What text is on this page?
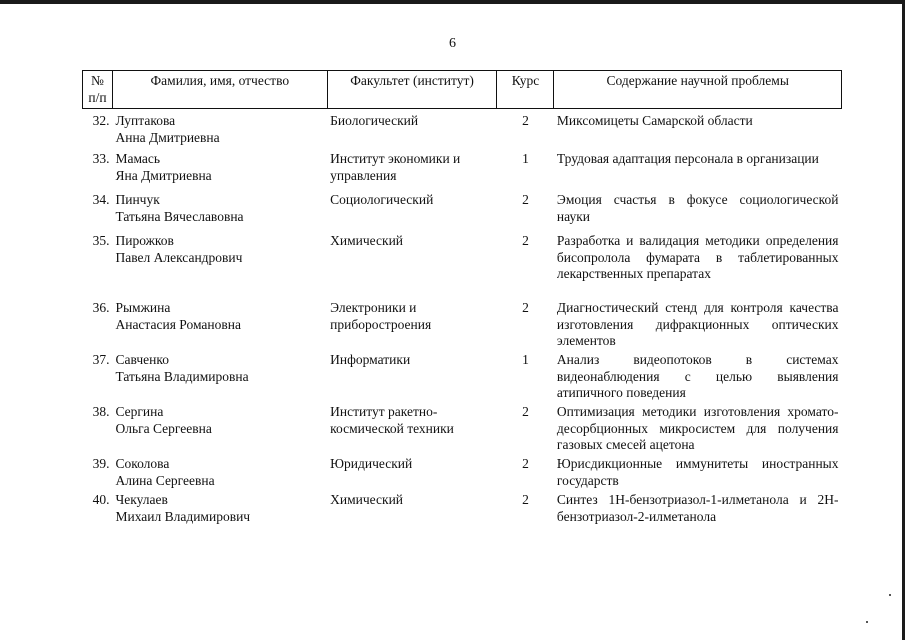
6
№ п/п	Фамилия, имя, отчество	Факультет (институт)	Курс	Содержание научной проблемы
32.	Луптакова
Анна Дмитриевна	Биологический	2	Миксомицеты Самарской области

33.	Мамась
Яна Дмитриевна	Институт экономики и управления	1	Трудовая адаптация персонала в организации

34.	Пинчук
Татьяна Вячеславовна	Социологический	2	Эмоция счастья в фокусе социологической науки

35.	Пирожков
Павел Александрович	Химический	2	Разработка и валидация методики определения бисопролола фумарата в таблетированных лекарственных препаратах

36.	Рымжина
Анастасия Романовна	Электроники и приборостроения	2	Диагностический стенд для контроля качества изготовления дифракционных оптических элементов

37.	Савченко
Татьяна Владимировна	Информатики	1	Анализ видеопотоков в системах видеонаблюдения с целью выявления атипичного поведения

38.	Сергина
Ольга Сергеевна	Институт ракетно-космической техники	2	Оптимизация методики изготовления хромато-десорбционных микросистем для получения газовых смесей ацетона

39.	Соколова
Алина Сергеевна	Юридический	2	Юрисдикционные иммунитеты иностранных государств

40.	Чекулаев
Михаил Владимирович	Химический	2	Синтез 1Н-бензотриазол-1-илметанола и 2Н-бензотриазол-2-илметанола
